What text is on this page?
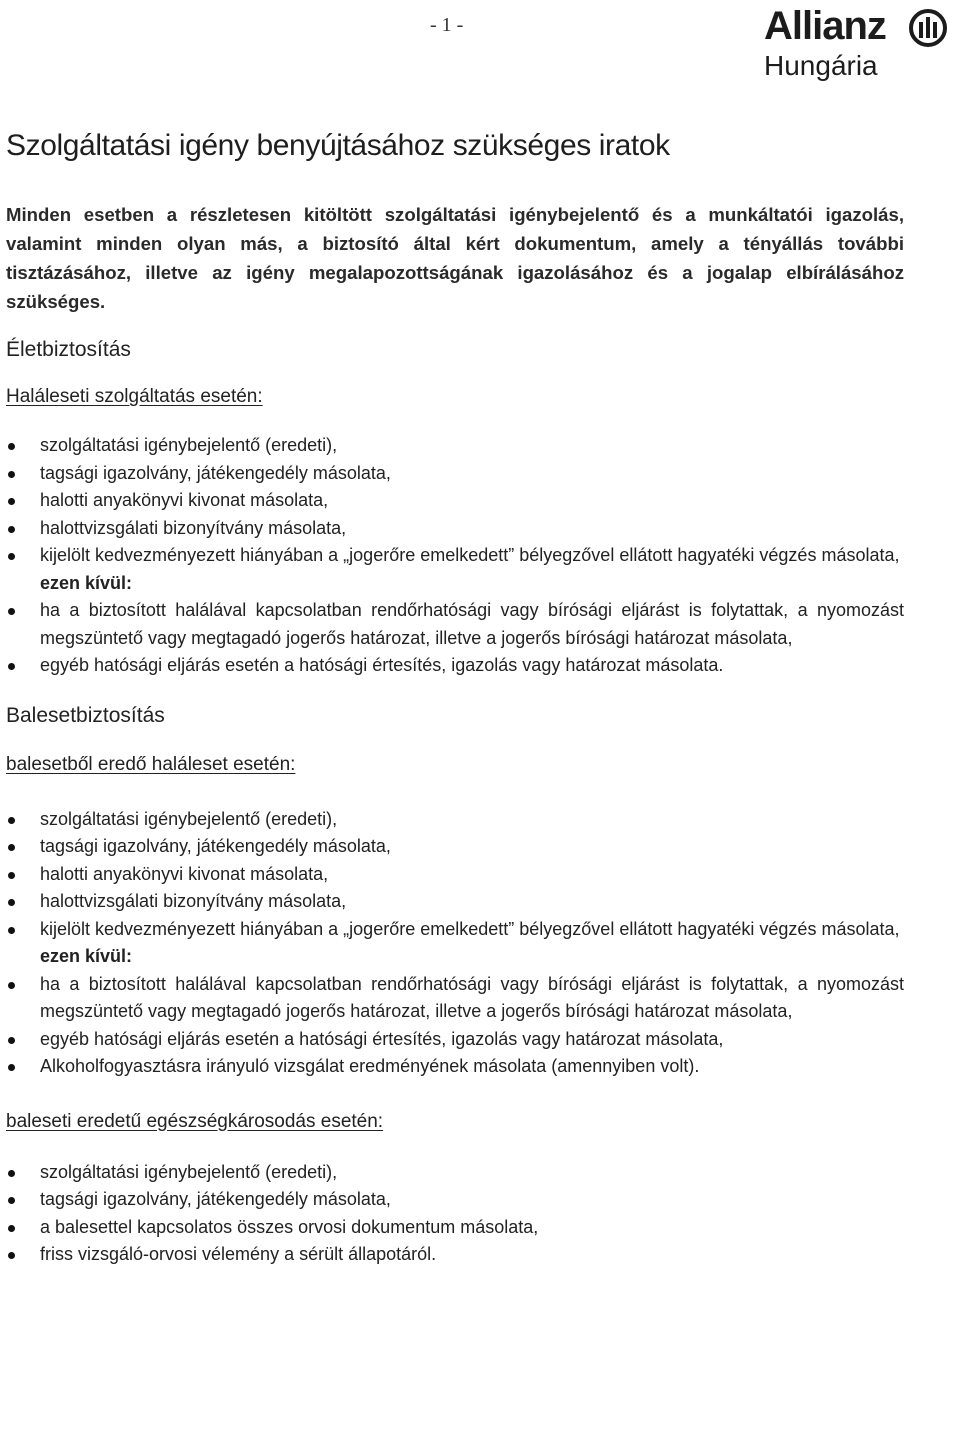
- 1 -	Allianz
Hungária
Szolgáltatási igény benyújtásához szükséges iratok

Minden esetben a részletesen kitöltött szolgáltatási igénybejelentő és a munkáltatói igazolás, valamint minden olyan más, a biztosító által kért dokumentum, amely a tényállás további tisztázásához, illetve az igény megalapozottságának igazolásához és a jogalap elbírálásához szükséges.

Életbiztosítás
Haláleseti szolgáltatás esetén:
szolgáltatási igénybejelentő (eredeti),
tagsági igazolvány, játékengedély másolata,
halotti anyakönyvi kivonat másolata,
halottvizsgálati bizonyítvány másolata,
kijelölt kedvezményezett hiányában a „jogerőre emelkedett” bélyegzővel ellátott hagyatéki végzés másolata,
ezen kívül:
ha a biztosított halálával kapcsolatban rendőrhatósági vagy bírósági eljárást is folytattak, a nyomozást megszüntető vagy megtagadó jogerős határozat, illetve a jogerős bírósági határozat másolata,
egyéb hatósági eljárás esetén a hatósági értesítés, igazolás vagy határozat másolata.
Balesetbiztosítás
balesetből eredő haláleset esetén:
szolgáltatási igénybejelentő (eredeti),
tagsági igazolvány, játékengedély másolata,
halotti anyakönyvi kivonat másolata,
halottvizsgálati bizonyítvány másolata,
kijelölt kedvezményezett hiányában a „jogerőre emelkedett” bélyegzővel ellátott hagyatéki végzés másolata,
ezen kívül:
ha a biztosított halálával kapcsolatban rendőrhatósági vagy bírósági eljárást is folytattak, a nyomozást megszüntető vagy megtagadó jogerős határozat, illetve a jogerős bírósági határozat másolata,
egyéb hatósági eljárás esetén a hatósági értesítés, igazolás vagy határozat másolata,
Alkoholfogyasztásra irányuló vizsgálat eredményének másolata (amennyiben volt).
baleseti eredetű egészségkárosodás esetén:
szolgáltatási igénybejelentő (eredeti),
tagsági igazolvány, játékengedély másolata,
a balesettel kapcsolatos összes orvosi dokumentum másolata,
friss vizsgáló-orvosi vélemény a sérült állapotáról.
